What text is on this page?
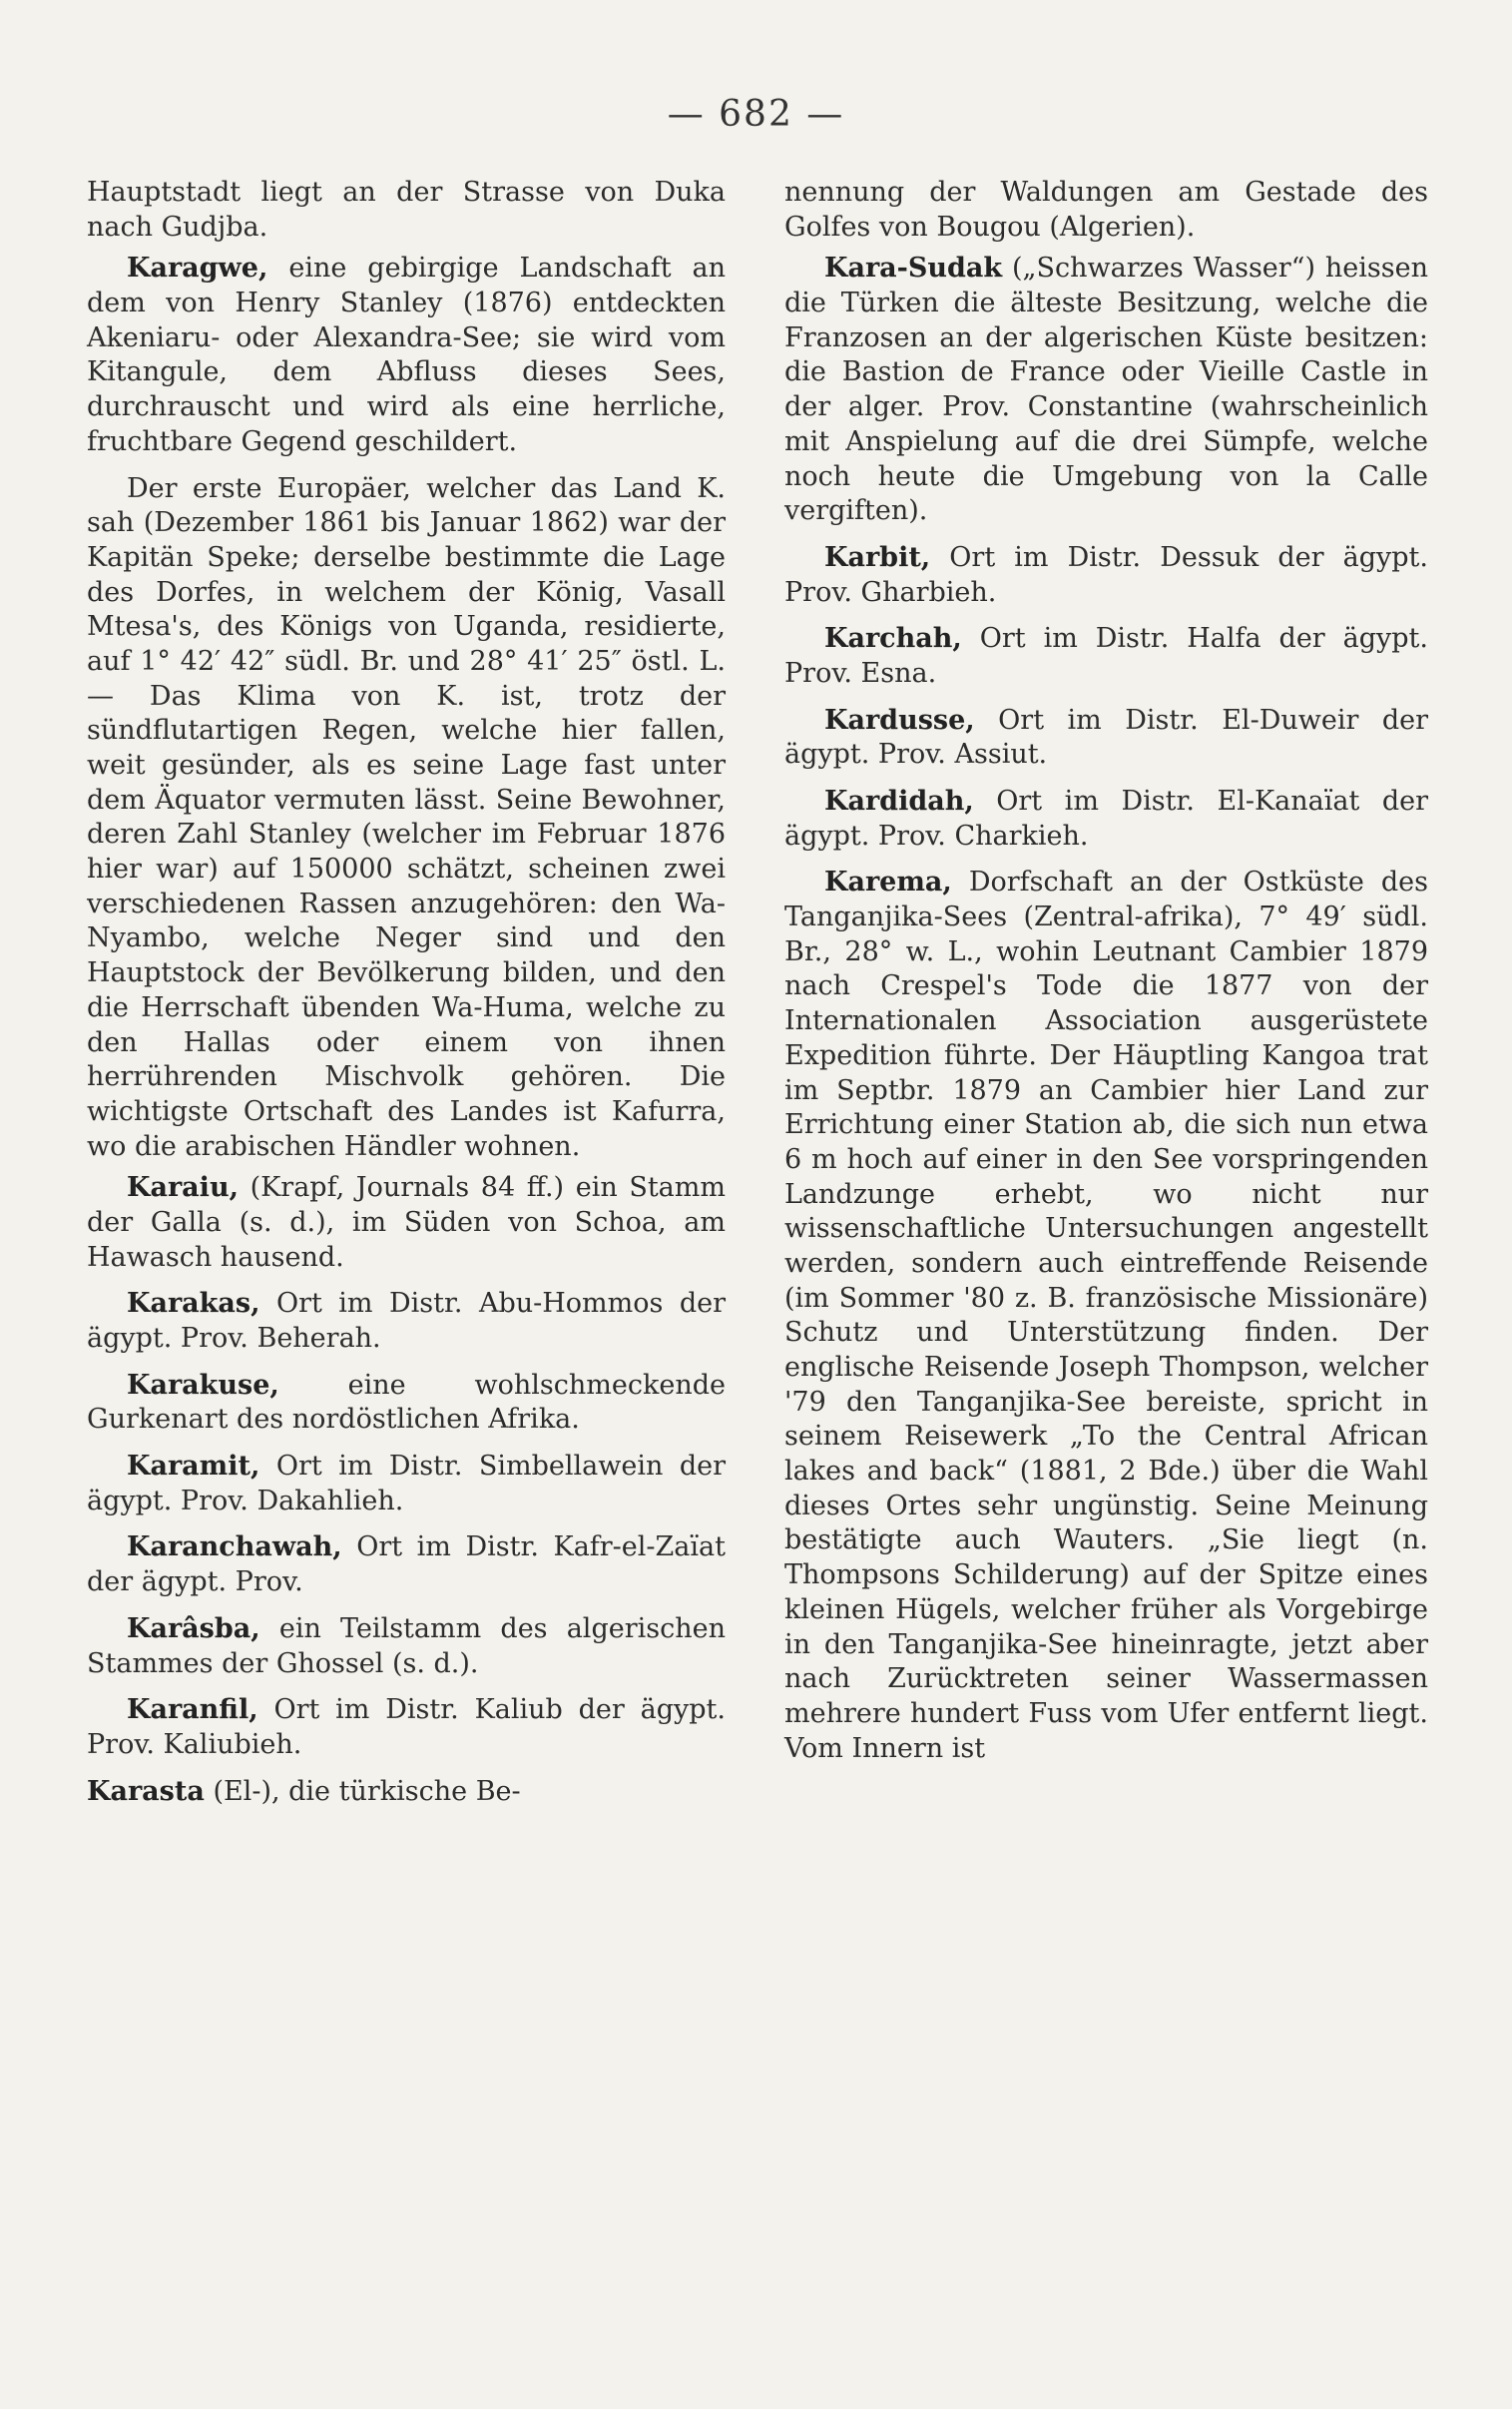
— 682 —

Hauptstadt liegt an der Strasse von Duka nach Gudjba.

Karagwe, eine gebirgige Landschaft an dem von Henry Stanley (1876) entdeckten Akeniaru- oder Alexandra-See; sie wird vom Kitangule, dem Abfluss dieses Sees, durchrauscht und wird als eine herrliche, fruchtbare Gegend geschildert.

Der erste Europäer, welcher das Land K. sah (Dezember 1861 bis Januar 1862) war der Kapitän Speke; derselbe bestimmte die Lage des Dorfes, in welchem der König, Vasall Mtesa's, des Königs von Uganda, residierte, auf 1° 42′ 42″ südl. Br. und 28° 41′ 25″ östl. L. — Das Klima von K. ist, trotz der sündflutartigen Regen, welche hier fallen, weit gesünder, als es seine Lage fast unter dem Äquator vermuten lässt. Seine Bewohner, deren Zahl Stanley (welcher im Februar 1876 hier war) auf 150000 schätzt, scheinen zwei verschiedenen Rassen anzugehören: den Wa-Nyambo, welche Neger sind und den Hauptstock der Bevölkerung bilden, und den die Herrschaft übenden Wa-Huma, welche zu den Hallas oder einem von ihnen herrührenden Mischvolk gehören. Die wichtigste Ortschaft des Landes ist Kafurra, wo die arabischen Händler wohnen.

Karaiu, (Krapf, Journals 84 ff.) ein Stamm der Galla (s. d.), im Süden von Schoa, am Hawasch hausend.

Karakas, Ort im Distr. Abu-Hommos der ägypt. Prov. Beherah.

Karakuse, eine wohlschmeckende Gurkenart des nordöstlichen Afrika.

Karamit, Ort im Distr. Simbellawein der ägypt. Prov. Dakahlieh.

Karanchawah, Ort im Distr. Kafr-el-Zaïat der ägypt. Prov.

Karâsba, ein Teilstamm des algerischen Stammes der Ghossel (s. d.).

Karanfil, Ort im Distr. Kaliub der ägypt. Prov. Kaliubieh.

Karasta (El-), die türkische Be-

nennung der Waldungen am Gestade des Golfes von Bougou (Algerien).

Kara-Sudak („Schwarzes Wasser“) heissen die Türken die älteste Besitzung, welche die Franzosen an der algerischen Küste besitzen: die Bastion de France oder Vieille Castle in der alger. Prov. Constantine (wahrscheinlich mit Anspielung auf die drei Sümpfe, welche noch heute die Umgebung von la Calle vergiften).

Karbit, Ort im Distr. Dessuk der ägypt. Prov. Gharbieh.

Karchah, Ort im Distr. Halfa der ägypt. Prov. Esna.

Kardusse, Ort im Distr. El-Duweir der ägypt. Prov. Assiut.

Kardidah, Ort im Distr. El-Kanaïat der ägypt. Prov. Charkieh.

Karema, Dorfschaft an der Ostküste des Tanganjika-Sees (Zentral-afrika), 7° 49′ südl. Br., 28° w. L., wohin Leutnant Cambier 1879 nach Crespel's Tode die 1877 von der Internationalen Association ausgerüstete Expedition führte. Der Häuptling Kangoa trat im Septbr. 1879 an Cambier hier Land zur Errichtung einer Station ab, die sich nun etwa 6 m hoch auf einer in den See vorspringenden Landzunge erhebt, wo nicht nur wissenschaftliche Untersuchungen angestellt werden, sondern auch eintreffende Reisende (im Sommer '80 z. B. französische Missionäre) Schutz und Unterstützung finden. Der englische Reisende Joseph Thompson, welcher '79 den Tanganjika-See bereiste, spricht in seinem Reisewerk „To the Central African lakes and back“ (1881, 2 Bde.) über die Wahl dieses Ortes sehr ungünstig. Seine Meinung bestätigte auch Wauters. „Sie liegt (n. Thompsons Schilderung) auf der Spitze eines kleinen Hügels, welcher früher als Vorgebirge in den Tanganjika-See hineinragte, jetzt aber nach Zurücktreten seiner Wassermassen mehrere hundert Fuss vom Ufer entfernt liegt. Vom Innern ist
